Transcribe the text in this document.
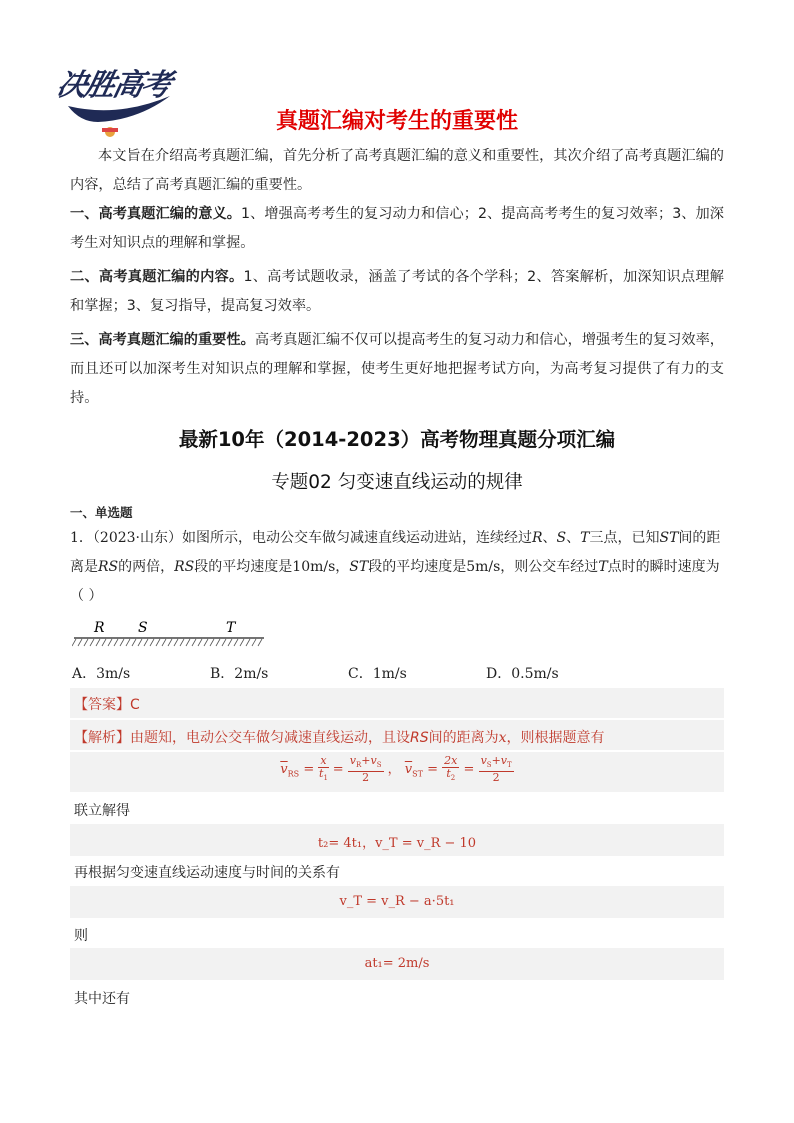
决胜高考
真题汇编对考生的重要性

本文旨在介绍高考真题汇编，首先分析了高考真题汇编的意义和重要性，其次介绍了高考真题汇编的内容，总结了高考真题汇编的重要性。

一、高考真题汇编的意义。1、增强高考考生的复习动力和信心；2、提高高考考生的复习效率；3、加深考生对知识点的理解和掌握。

二、高考真题汇编的内容。1、高考试题收录，涵盖了考试的各个学科；2、答案解析，加深知识点理解和掌握；3、复习指导，提高复习效率。

三、高考真题汇编的重要性。高考真题汇编不仅可以提高考生的复习动力和信心，增强考生的复习效率，而且还可以加深考生对知识点的理解和掌握，使考生更好地把握考试方向，为高考复习提供了有力的支持。

最新10年（2014-2023）高考物理真题分项汇编
专题02 匀变速直线运动的规律
一、单选题
1．（2023·山东）如图所示，电动公交车做匀减速直线运动进站，连续经过R、S、T三点，已知ST间的距离是RS的两倍，RS段的平均速度是10m/s，ST段的平均速度是5m/s，则公交车经过T点时的瞬时速度为（ ）
R S	T
A．3m/s	B．2m/s	C．1m/s	D．0.5m/s
【答案】C
【解析】由题知，电动公交车做匀减速直线运动，且设RS间的距离为x，则根据题意有
$\overline{v}_{RS} = \frac{x}{t_1} = \frac{v_R+v_S}{2}$ ， $\overline{v}_{ST} = \frac{2x}{t_2} = \frac{v_S+v_T}{2}$
联立解得
t₂= 4t₁，v_T = v_R − 10
再根据匀变速直线运动速度与时间的关系有
v_T = v_R − a·5t₁
则
at₁= 2m/s
其中还有
